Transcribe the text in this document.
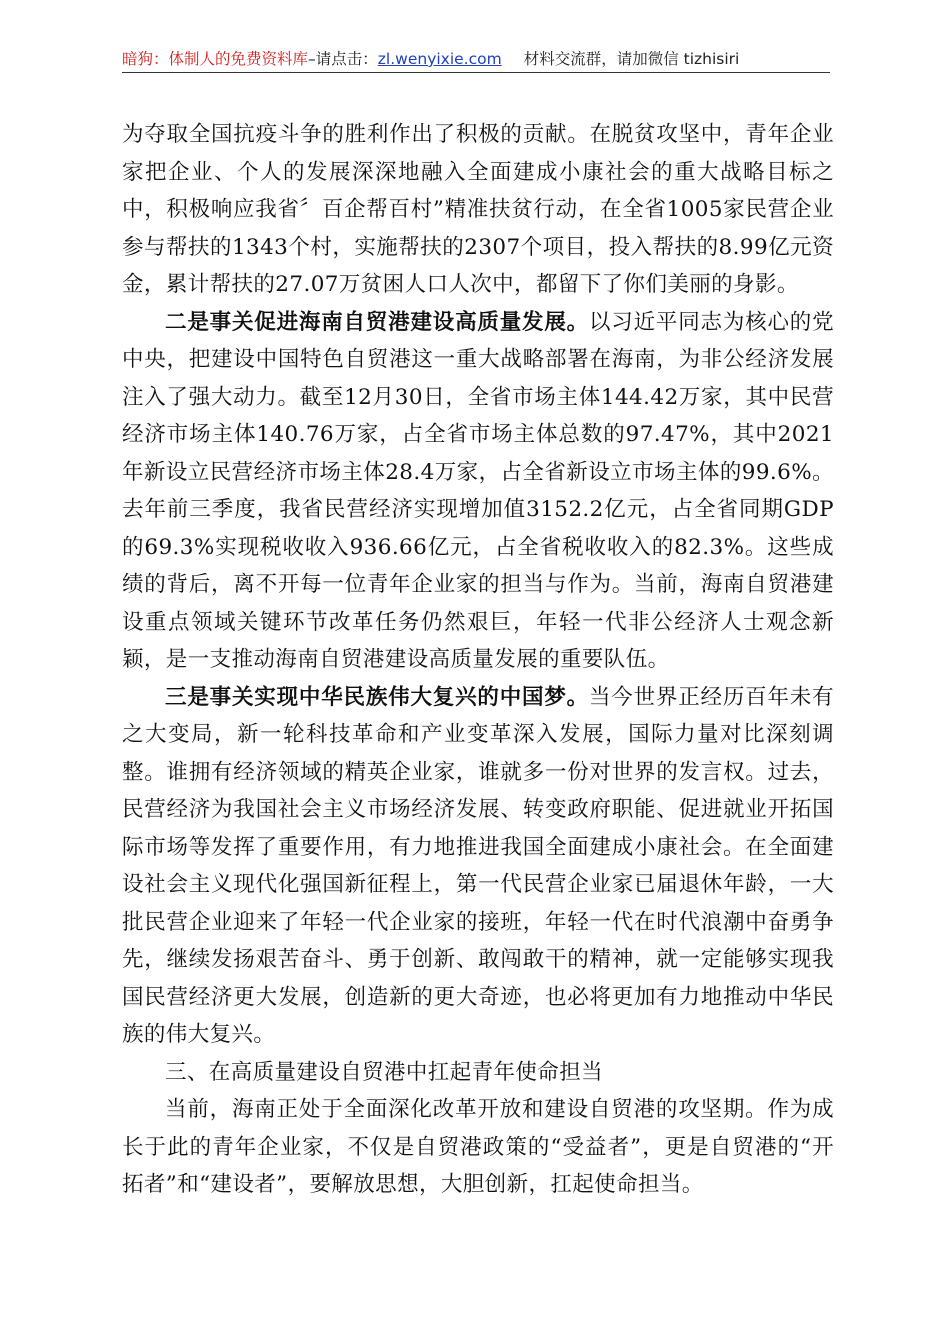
暗狗：体制人的免费资料库–请点击：zl.wenyixie.com 材料交流群，请加微信 tizhisiri

为夺取全国抗疫斗争的胜利作出了积极的贡献。在脱贫攻坚中，青年企业家把企业、个人的发展深深地融入全面建成小康社会的重大战略目标之中，积极响应我省〞百企帮百村”精准扶贫行动，在全省1005家民营企业参与帮扶的1343个村，实施帮扶的2307个项目，投入帮扶的8.99亿元资金，累计帮扶的27.07万贫困人口人次中，都留下了你们美丽的身影。

二是事关促进海南自贸港建设高质量发展。以习近平同志为核心的党中央，把建设中国特色自贸港这一重大战略部署在海南，为非公经济发展注入了强大动力。截至12月30日，全省市场主体144.42万家，其中民营经济市场主体140.76万家，占全省市场主体总数的97.47%，其中2021年新设立民营经济市场主体28.4万家，占全省新设立市场主体的99.6%。去年前三季度，我省民营经济实现增加值3152.2亿元，占全省同期GDP的69.3%实现税收收入936.66亿元，占全省税收收入的82.3%。这些成绩的背后，离不开每一位青年企业家的担当与作为。当前，海南自贸港建设重点领域关键环节改革任务仍然艰巨，年轻一代非公经济人士观念新颖，是一支推动海南自贸港建设高质量发展的重要队伍。

三是事关实现中华民族伟大复兴的中国梦。当今世界正经历百年未有之大变局，新一轮科技革命和产业变革深入发展，国际力量对比深刻调整。谁拥有经济领域的精英企业家，谁就多一份对世界的发言权。过去，民营经济为我国社会主义市场经济发展、转变政府职能、促进就业开拓国际市场等发挥了重要作用，有力地推进我国全面建成小康社会。在全面建设社会主义现代化强国新征程上，第一代民营企业家已届退休年龄，一大批民营企业迎来了年轻一代企业家的接班，年轻一代在时代浪潮中奋勇争先，继续发扬艰苦奋斗、勇于创新、敢闯敢干的精神，就一定能够实现我国民营经济更大发展，创造新的更大奇迹，也必将更加有力地推动中华民族的伟大复兴。

三、在高质量建设自贸港中扛起青年使命担当

当前，海南正处于全面深化改革开放和建设自贸港的攻坚期。作为成长于此的青年企业家，不仅是自贸港政策的“受益者”，更是自贸港的“开拓者”和“建设者”，要解放思想，大胆创新，扛起使命担当。
